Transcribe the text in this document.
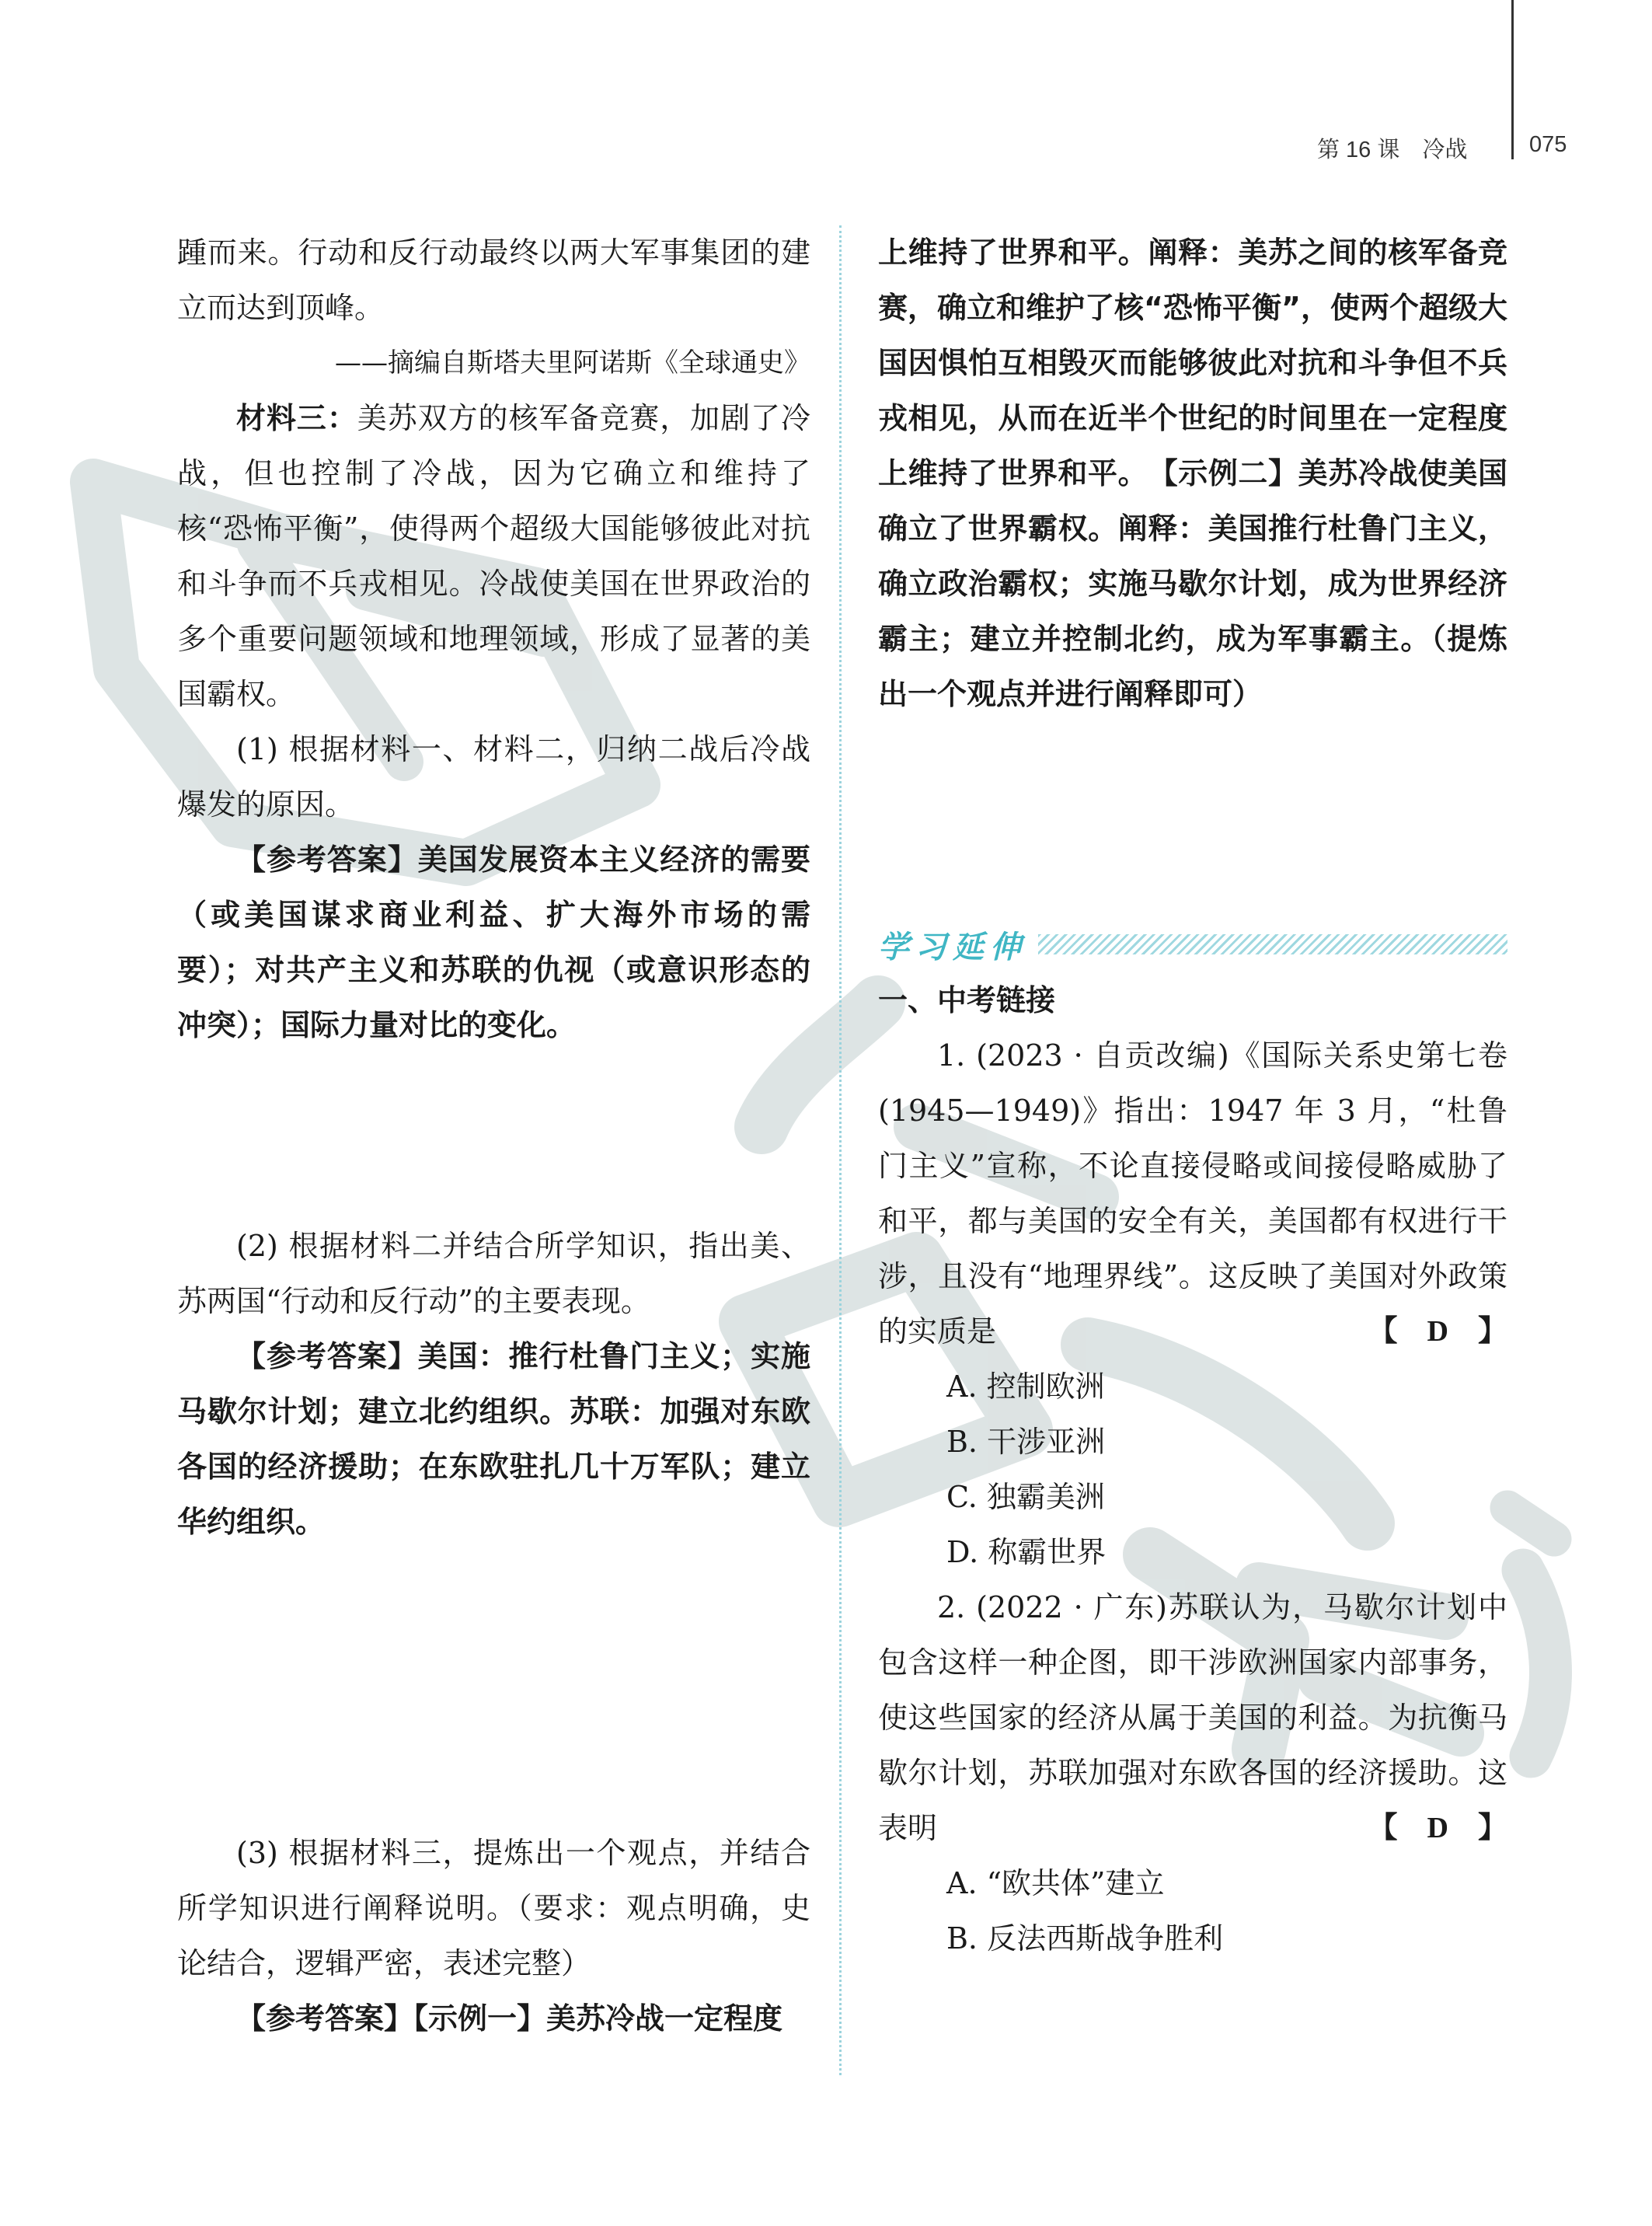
第 16 课　冷战	075

踵而来。行动和反行动最终以两大军事集团的建立而达到顶峰。

——摘编自斯塔夫里阿诺斯《全球通史》

材料三：美苏双方的核军备竞赛，加剧了冷战，但也控制了冷战，因为它确立和维持了核“恐怖平衡”，使得两个超级大国能够彼此对抗和斗争而不兵戎相见。冷战使美国在世界政治的多个重要问题领域和地理领域，形成了显著的美国霸权。

(1) 根据材料一、材料二，归纳二战后冷战爆发的原因。

【参考答案】美国发展资本主义经济的需要（或美国谋求商业利益、扩大海外市场的需要）；对共产主义和苏联的仇视（或意识形态的冲突）；国际力量对比的变化。

(2) 根据材料二并结合所学知识，指出美、苏两国“行动和反行动”的主要表现。

【参考答案】美国：推行杜鲁门主义；实施马歇尔计划；建立北约组织。苏联：加强对东欧各国的经济援助；在东欧驻扎几十万军队；建立华约组织。

(3) 根据材料三，提炼出一个观点，并结合所学知识进行阐释说明。（要求：观点明确，史论结合，逻辑严密，表述完整）

【参考答案】【示例一】美苏冷战一定程度

上维持了世界和平。阐释：美苏之间的核军备竞赛，确立和维护了核“恐怖平衡”，使两个超级大国因惧怕互相毁灭而能够彼此对抗和斗争但不兵戎相见，从而在近半个世纪的时间里在一定程度上维持了世界和平。　【示例二】美苏冷战使美国确立了世界霸权。阐释：美国推行杜鲁门主义，确立政治霸权；实施马歇尔计划，成为世界经济霸主；建立并控制北约，成为军事霸主。（提炼出一个观点并进行阐释即可）

学习延伸

一、中考链接

1. (2023 · 自贡改编)《国际关系史第七卷(1945—1949)》指出：1947 年 3 月，“杜鲁门主义”宣称，不论直接侵略或间接侵略威胁了和平，都与美国的安全有关，美国都有权进行干涉，且没有“地理界线”。这反映了美国对外政策的实质是	【　D　】

A. 控制欧洲

B. 干涉亚洲

C. 独霸美洲

D. 称霸世界

2. (2022 · 广东)苏联认为，马歇尔计划中包含这样一种企图，即干涉欧洲国家内部事务，使这些国家的经济从属于美国的利益。为抗衡马歇尔计划，苏联加强对东欧各国的经济援助。这表明	【　D　】

A. “欧共体”建立

B. 反法西斯战争胜利
